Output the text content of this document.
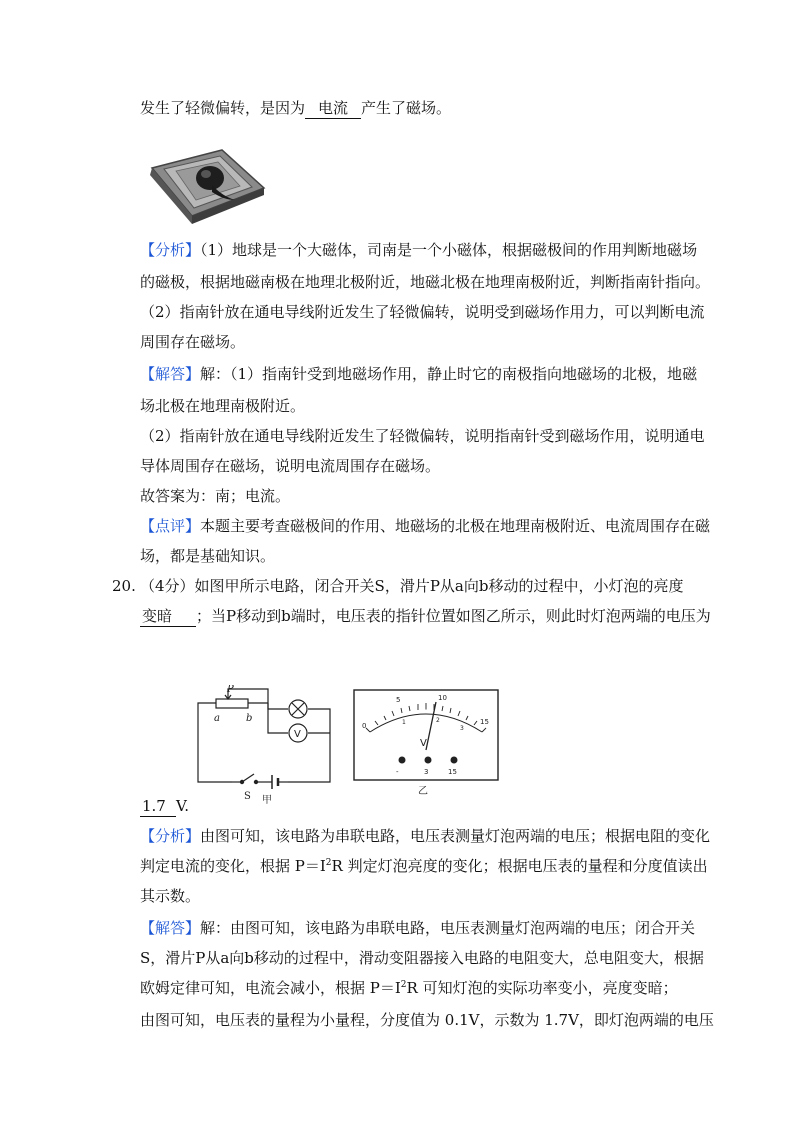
发生了轻微偏转，是因为 电流 产生了磁场。
【分析】（1）地球是一个大磁体，司南是一个小磁体，根据磁极间的作用判断地磁场
的磁极，根据地磁南极在地理北极附近，地磁北极在地理南极附近，判断指南针指向。
（2）指南针放在通电导线附近发生了轻微偏转，说明受到磁场作用力，可以判断电流
周围存在磁场。
【解答】解：（1）指南针受到地磁场作用，静止时它的南极指向地磁场的北极，地磁
场北极在地理南极附近。
（2）指南针放在通电导线附近发生了轻微偏转，说明指南针受到磁场作用，说明通电
导体周围存在磁场，说明电流周围存在磁场。
故答案为：南；电流。
【点评】本题主要考查磁极间的作用、地磁场的北极在地理南极附近、电流周围存在磁
场，都是基础知识。
20. （4分）如图甲所示电路，闭合开关S，滑片P从a向b移动的过程中，小灯泡的亮度
变暗 ；当P移动到b端时，电压表的指针位置如图乙所示，则此时灯泡两端的电压为
P
a	b
V
S 甲
0
5	10
15
1	2
3
V
-	3	15
乙
1.7 V.
【分析】由图可知，该电路为串联电路，电压表测量灯泡两端的电压；根据电阻的变化
判定电流的变化，根据 $P=I^2R$ 判定灯泡亮度的变化；根据电压表的量程和分度值读出
其示数。
【解答】解：由图可知，该电路为串联电路，电压表测量灯泡两端的电压；闭合开关
S，滑片P从a向b移动的过程中，滑动变阻器接入电路的电阻变大，总电阻变大，根据
欧姆定律可知，电流会减小，根据 $P=I^2R$ 可知灯泡的实际功率变小，亮度变暗；
由图可知，电压表的量程为小量程，分度值为 0.1V，示数为 1.7V，即灯泡两端的电压
